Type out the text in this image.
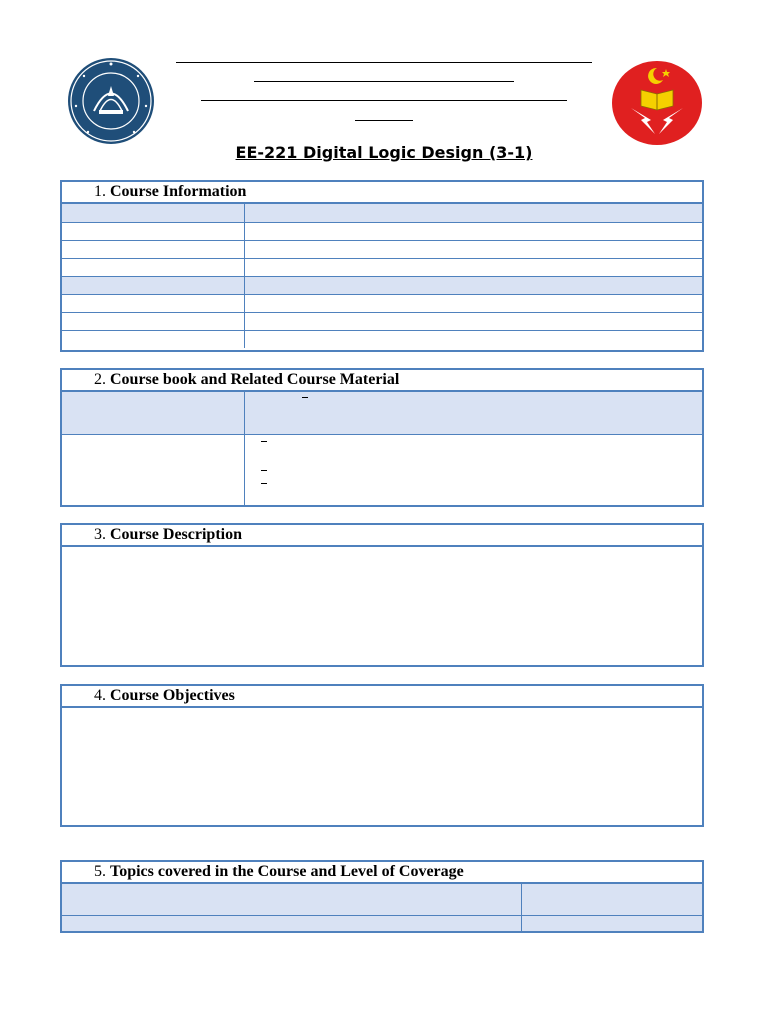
EE-221 Digital Logic Design (3-1)
1. Course Information

2. Course book and Related Course Material

3. Course Description
4. Course Objectives
5. Topics covered in the Course and Level of Coverage
